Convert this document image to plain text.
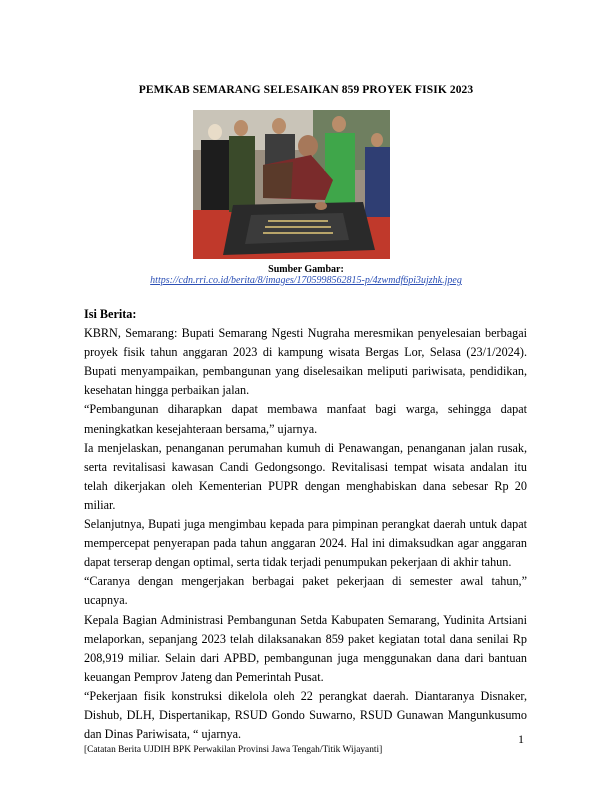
PEMKAB SEMARANG SELESAIKAN 859 PROYEK FISIK 2023
Sumber Gambar:
https://cdn.rri.co.id/berita/8/images/1705998562815-p/4zwmdf6pi3ujzhk.jpeg
Isi Berita:

KBRN, Semarang: Bupati Semarang Ngesti Nugraha meresmikan penyelesaian berbagai proyek fisik tahun anggaran 2023 di kampung wisata Bergas Lor, Selasa (23/1/2024). Bupati menyampaikan, pembangunan yang diselesaikan meliputi pariwisata, pendidikan, kesehatan hingga perbaikan jalan.

“Pembangunan diharapkan dapat membawa manfaat bagi warga, sehingga dapat meningkatkan kesejahteraan bersama,” ujarnya.

Ia menjelaskan, penanganan perumahan kumuh di Penawangan, penanganan jalan rusak, serta revitalisasi kawasan Candi Gedongsongo. Revitalisasi tempat wisata andalan itu telah dikerjakan oleh Kementerian PUPR dengan menghabiskan dana sebesar Rp 20 miliar.

Selanjutnya, Bupati juga mengimbau kepada para pimpinan perangkat daerah untuk dapat mempercepat penyerapan pada tahun anggaran 2024. Hal ini dimaksudkan agar anggaran dapat terserap dengan optimal, serta tidak terjadi penumpukan pekerjaan di akhir tahun.

“Caranya dengan mengerjakan berbagai paket pekerjaan di semester awal tahun,” ucapnya.

Kepala Bagian Administrasi Pembangunan Setda Kabupaten Semarang, Yudinita Artsiani melaporkan, sepanjang 2023 telah dilaksanakan 859 paket kegiatan total dana senilai Rp 208,919 miliar. Selain dari APBD, pembangunan juga menggunakan dana dari bantuan keuangan Pemprov Jateng dan Pemerintah Pusat.

“Pekerjaan fisik konstruksi dikelola oleh 22 perangkat daerah. Diantaranya Disnaker, Dishub, DLH, Dispertanikap, RSUD Gondo Suwarno, RSUD Gunawan Mangunkusumo dan Dinas Pariwisata, “ ujarnya.	1
[Catatan Berita UJDIH BPK Perwakilan Provinsi Jawa Tengah/Titik Wijayanti]
